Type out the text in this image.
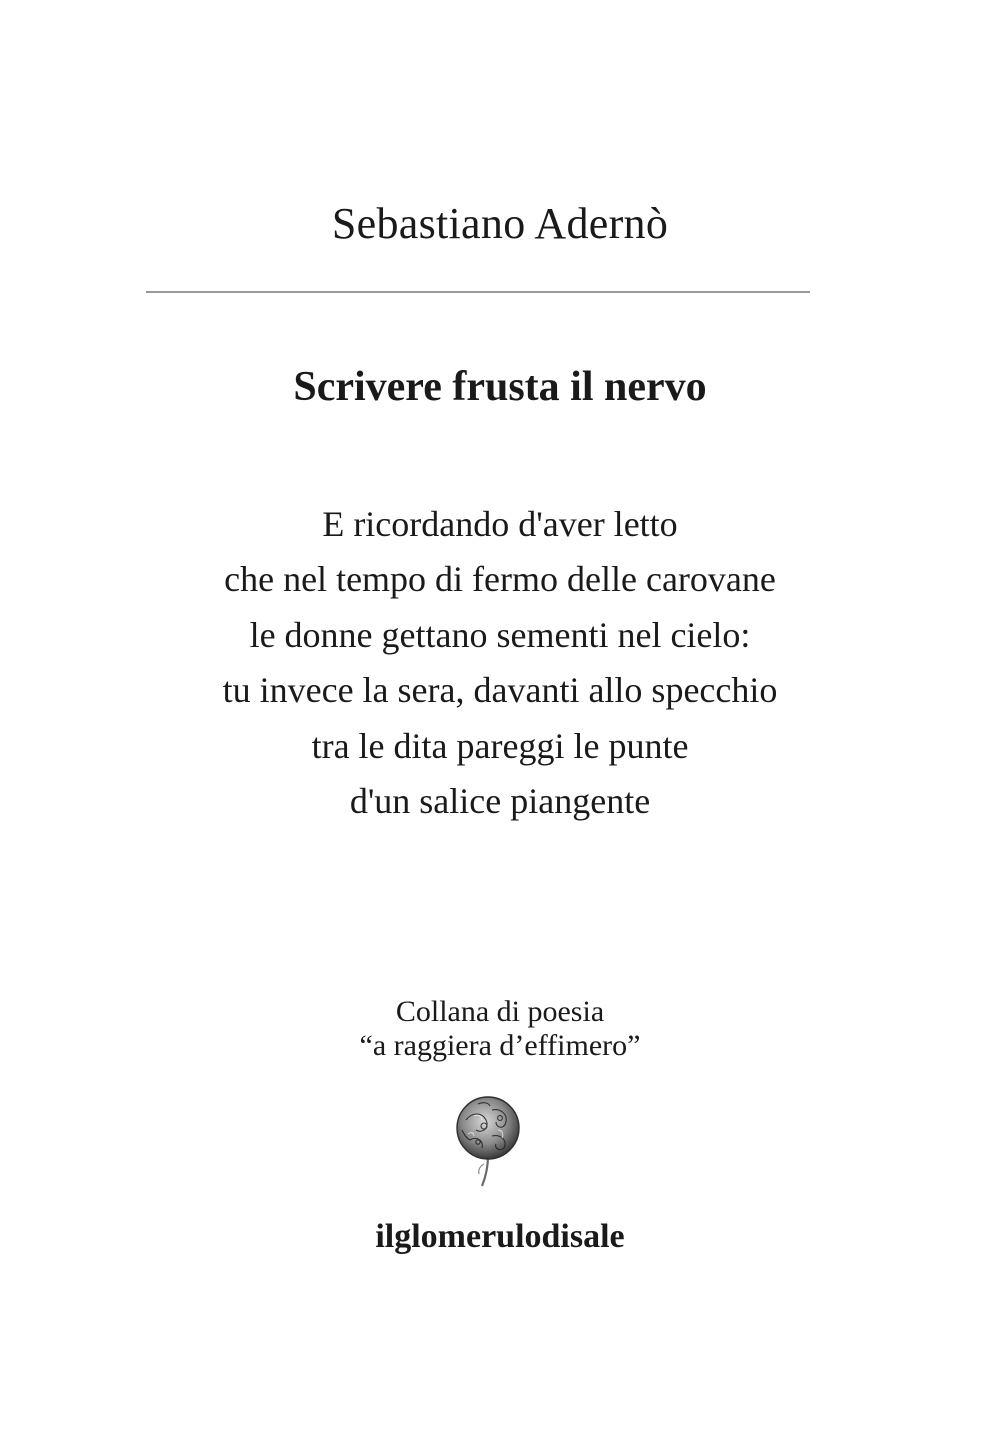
Sebastiano Adernò
Scrivere frusta il nervo
E ricordando d'aver letto
che nel tempo di fermo delle carovane
le donne gettano sementi nel cielo:
tu invece la sera, davanti allo specchio
tra le dita pareggi le punte
d'un salice piangente
Collana di poesia
“a raggiera d’effimero”
ilglomerulodisale
